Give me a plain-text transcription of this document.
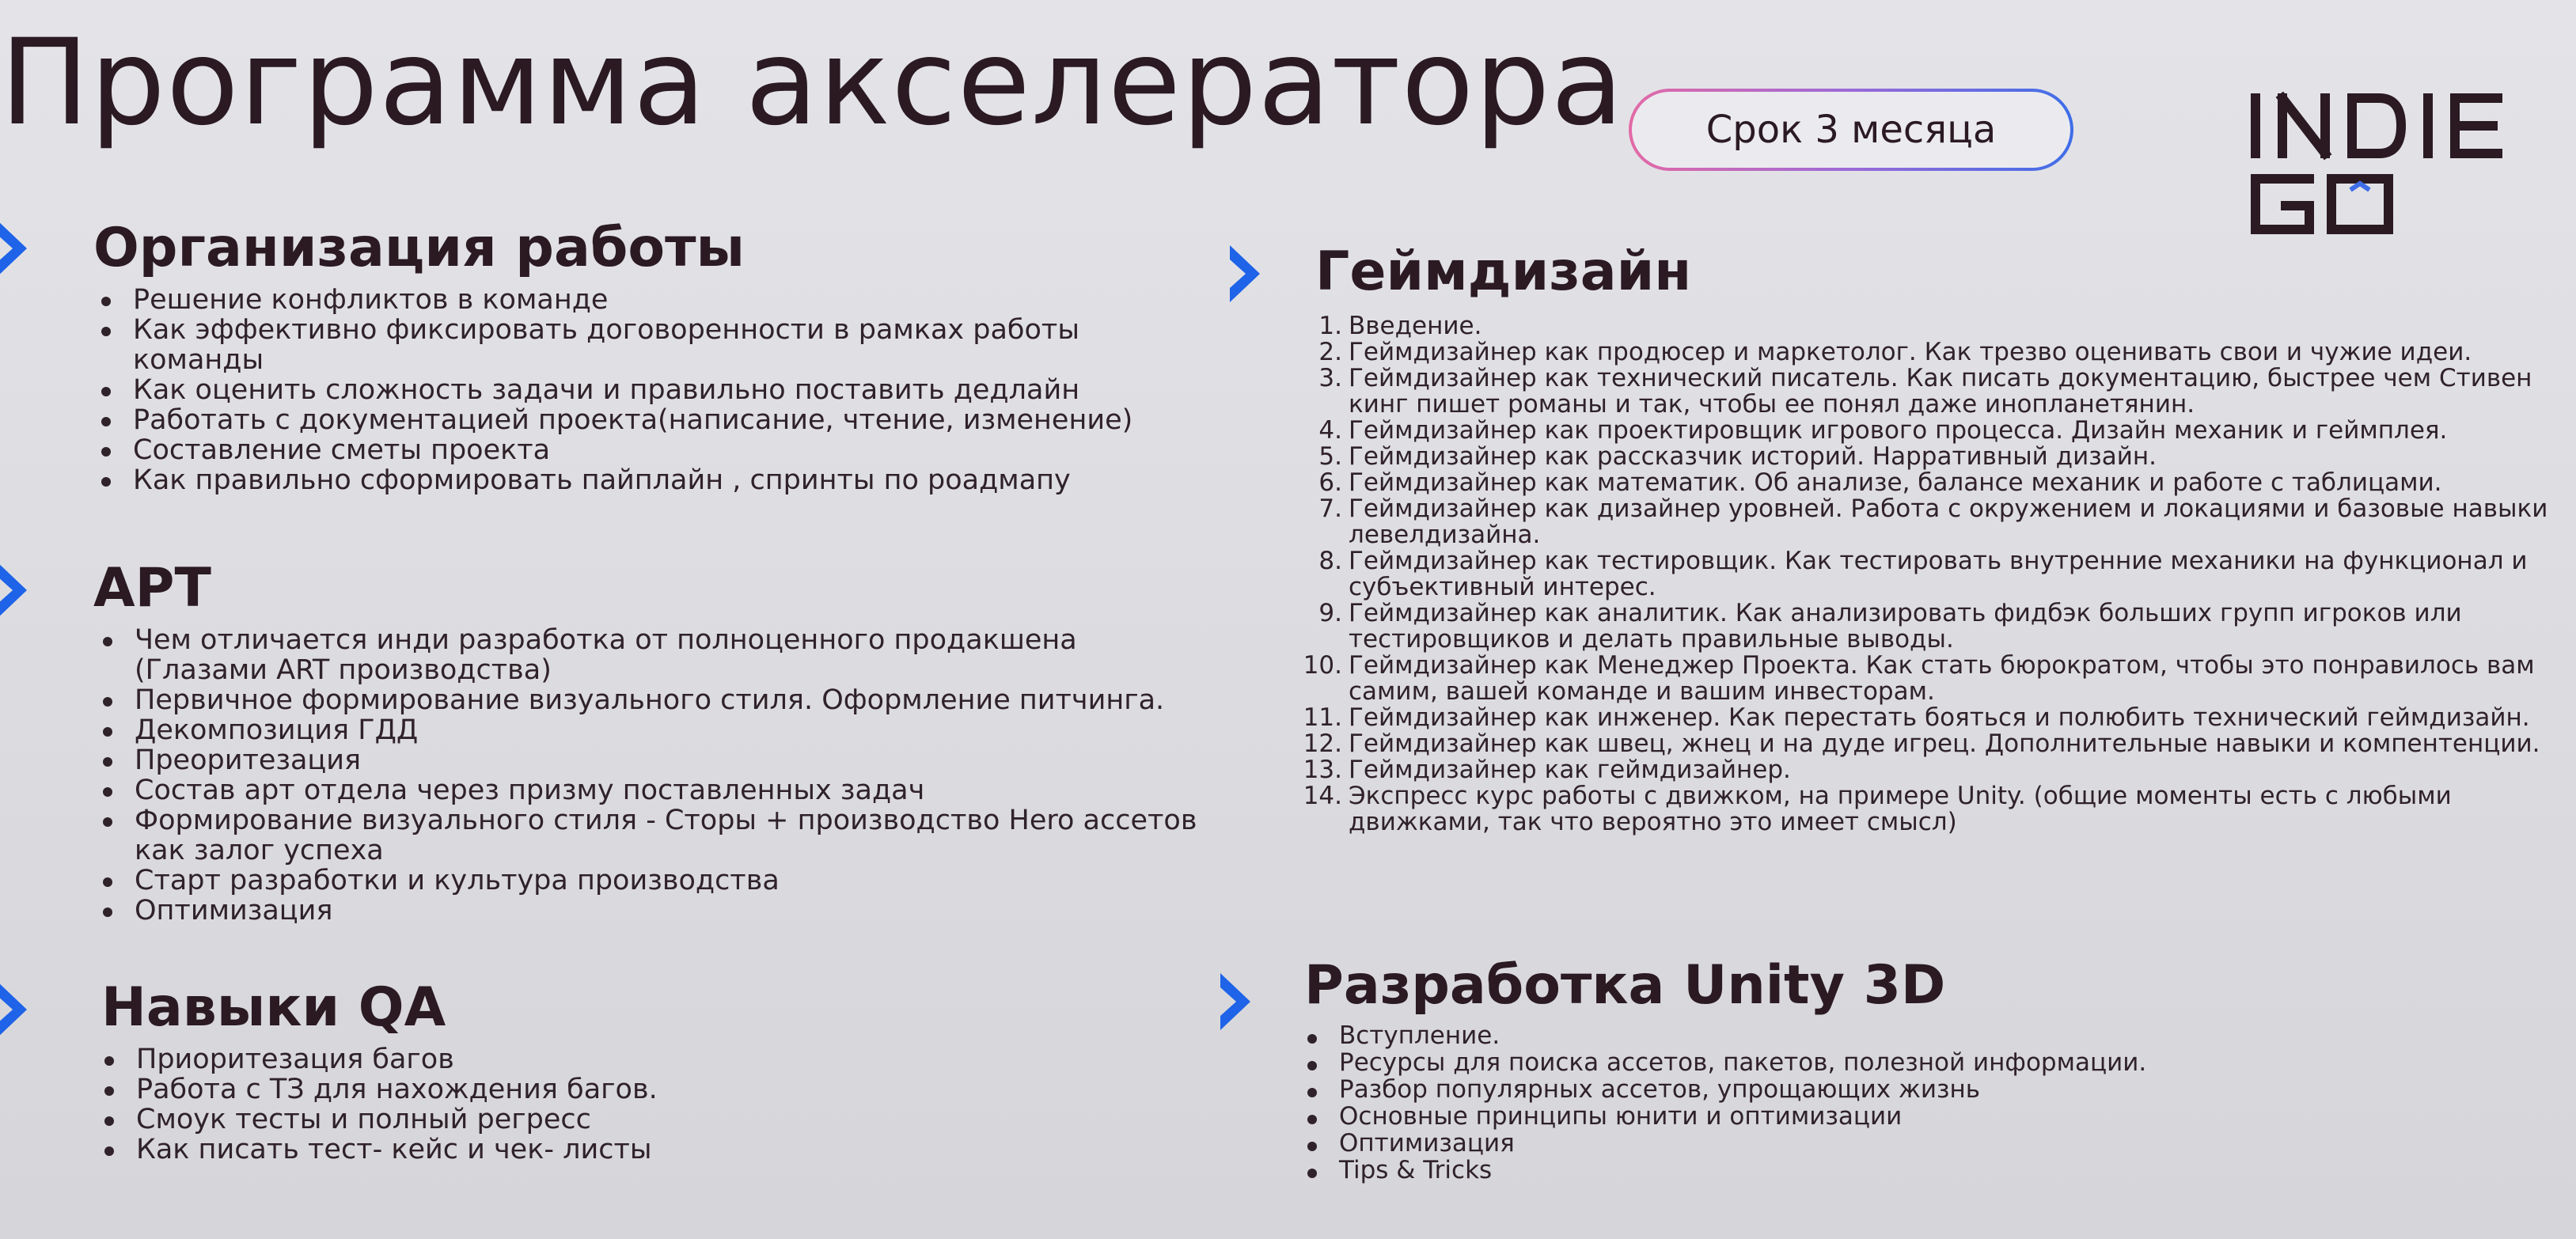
Программа акселератора	Срок 3 месяца
Организация работы
Решение конфликтов в команде
Как эффективно фиксировать договоренности в рамках работы команды
Как оценить сложность задачи и правильно поставить дедлайн
Работать с документацией проекта(написание, чтение, изменение)
Составление сметы проекта
Как правильно сформировать пайплайн , спринты по роадмапу
АРТ
Чем отличается инди разработка от полноценного продакшена (Глазами ART производства)
Первичное формирование визуального стиля. Оформление питчинга.
Декомпозиция ГДД
Преоритезация
Состав арт отдела через призму поставленных задач
Формирование визуального стиля - Сторы + производство Hero ассетов как залог успеха
Старт разработки и культура производства
Оптимизация
Навыки QA
Приоритезация багов
Работа с ТЗ для нахождения багов.
Смоук тесты и полный регресс
Как писать тест- кейс и чек- листы
Геймдизайн
1. Введение.
2. Геймдизайнер как продюсер и маркетолог. Как трезво оценивать свои и чужие идеи.
3. Геймдизайнер как технический писатель. Как писать документацию, быстрее чем Стивен кинг пишет романы и так, чтобы ее понял даже инопланетянин.
4. Геймдизайнер как проектировщик игрового процесса. Дизайн механик и геймплея.
5. Геймдизайнер как рассказчик историй. Нарративный дизайн.
6. Геймдизайнер как математик. Об анализе, балансе механик и работе с таблицами.
7. Геймдизайнер как дизайнер уровней. Работа с окружением и локациями и базовые навыки левелдизайна.
8. Геймдизайнер как тестировщик. Как тестировать внутренние механики на функционал и субъективный интерес.
9. Геймдизайнер как аналитик. Как анализировать фидбэк больших групп игроков или тестировщиков и делать правильные выводы.
10. Геймдизайнер как Менеджер Проекта. Как стать бюрократом, чтобы это понравилось вам самим, вашей команде и вашим инвесторам.
11. Геймдизайнер как инженер. Как перестать бояться и полюбить технический геймдизайн.
12. Геймдизайнер как швец, жнец и на дуде игрец. Дополнительные навыки и компентенции.
13. Геймдизайнер как геймдизайнер.
14. Экспресс курс работы с движком, на примере Unity. (общие моменты есть с любыми движками, так что вероятно это имеет смысл)
Разработка Unity 3D
Вступление.
Ресурсы для поиска ассетов, пакетов, полезной информации.
Разбор популярных ассетов, упрощающих жизнь
Основные принципы юнити и оптимизации
Оптимизация
Tips & Tricks
